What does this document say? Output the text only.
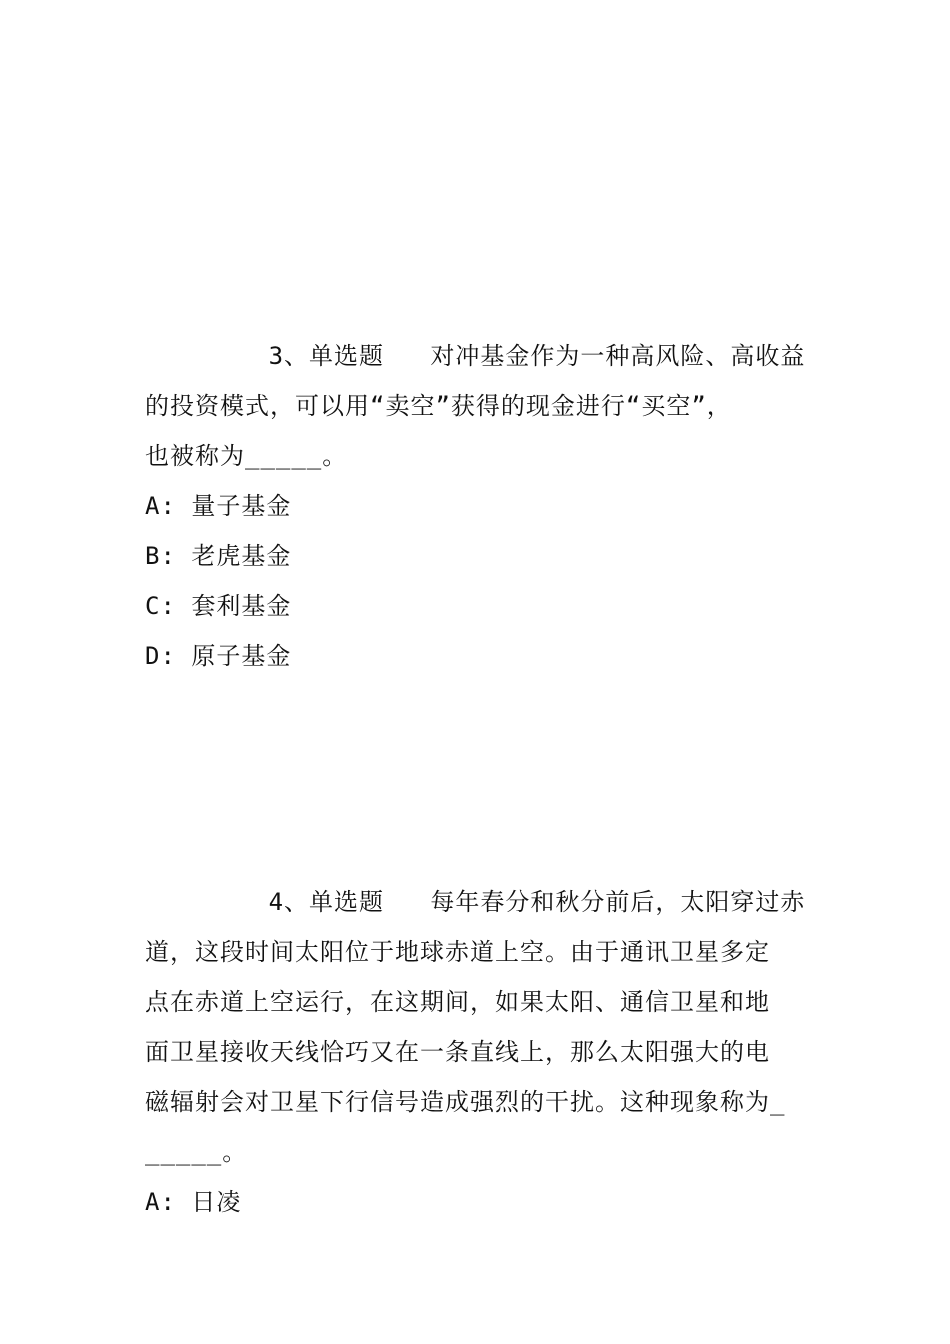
3、单选题   对冲基金作为一种高风险、高收益
的投资模式，可以用“卖空”获得的现金进行“买空”，
也被称为_____。
A: 量子基金
B: 老虎基金
C: 套利基金
D: 原子基金
4、单选题   每年春分和秋分前后，太阳穿过赤
道，这段时间太阳位于地球赤道上空。由于通讯卫星多定
点在赤道上空运行，在这期间，如果太阳、通信卫星和地
面卫星接收天线恰巧又在一条直线上，那么太阳强大的电
磁辐射会对卫星下行信号造成强烈的干扰。这种现象称为_
_____。
A: 日凌
